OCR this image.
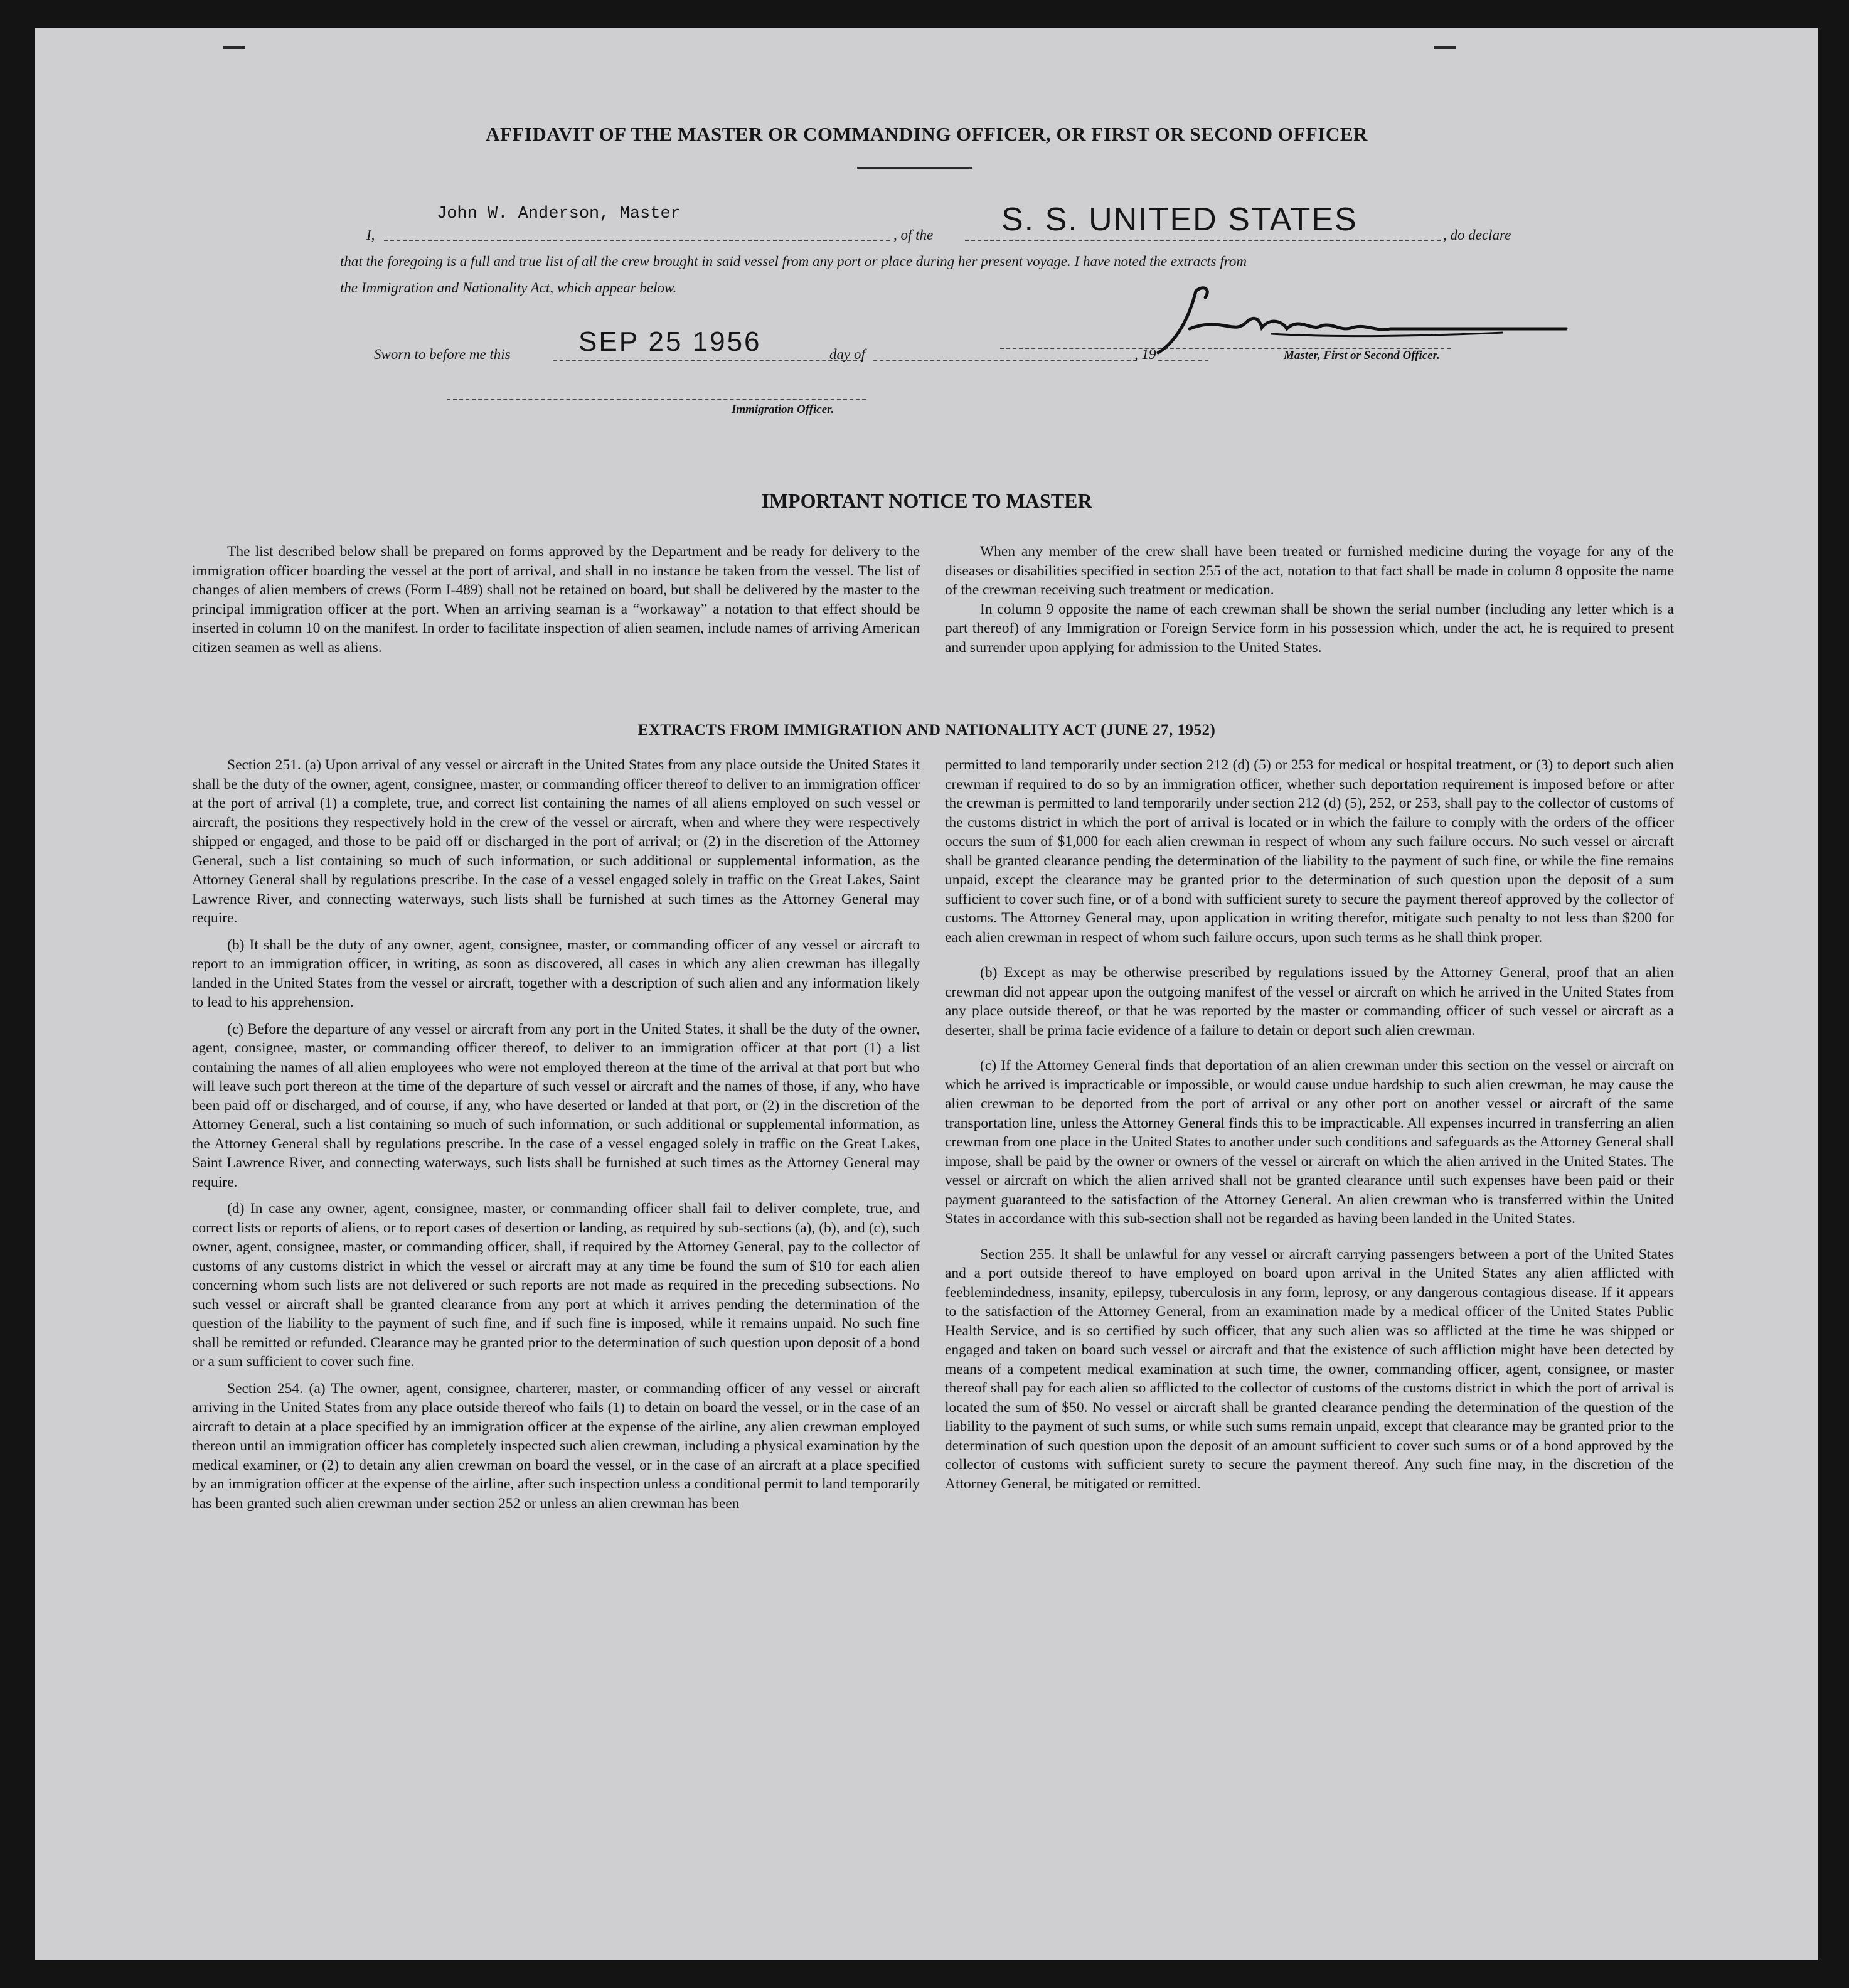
AFFIDAVIT OF THE MASTER OR COMMANDING OFFICER, OR FIRST OR SECOND OFFICER
John W. Anderson, Master
I,	, of the S. S. UNITED STATES	, do declare
that the foregoing is a full and true list of all the crew brought in said vessel from any port or place during her present voyage. I have noted the extracts from
the Immigration and Nationality Act, which appear below.
Master, First or Second Officer.
Sworn to before me this SEP 25 1956	day of	, 19
Immigration Officer.
IMPORTANT NOTICE TO MASTER

The list described below shall be prepared on forms approved by the Department and be ready for delivery to the immigration officer boarding the vessel at the port of arrival, and shall in no instance be taken from the vessel. The list of changes of alien members of crews (Form I-489) shall not be retained on board, but shall be delivered by the master to the principal immigration officer at the port. When an arriving seaman is a “workaway” a notation to that effect should be inserted in column 10 on the manifest. In order to facilitate inspection of alien seamen, include names of arriving American citizen seamen as well as aliens.

When any member of the crew shall have been treated or furnished medicine during the voyage for any of the diseases or disabilities specified in section 255 of the act, notation to that fact shall be made in column 8 opposite the name of the crewman receiving such treatment or medication.

In column 9 opposite the name of each crewman shall be shown the serial number (including any letter which is a part thereof) of any Immigration or Foreign Service form in his possession which, under the act, he is required to present and surrender upon applying for admission to the United States.

EXTRACTS FROM IMMIGRATION AND NATIONALITY ACT (JUNE 27, 1952)

Section 251. (a) Upon arrival of any vessel or aircraft in the United States from any place outside the United States it shall be the duty of the owner, agent, consignee, master, or commanding officer thereof to deliver to an immigration officer at the port of arrival (1) a complete, true, and correct list containing the names of all aliens employed on such vessel or aircraft, the positions they respectively hold in the crew of the vessel or aircraft, when and where they were respectively shipped or engaged, and those to be paid off or discharged in the port of arrival; or (2) in the discretion of the Attorney General, such a list containing so much of such information, or such additional or supplemental information, as the Attorney General shall by regulations prescribe. In the case of a vessel engaged solely in traffic on the Great Lakes, Saint Lawrence River, and connecting waterways, such lists shall be furnished at such times as the Attorney General may require.

(b) It shall be the duty of any owner, agent, consignee, master, or commanding officer of any vessel or aircraft to report to an immigration officer, in writing, as soon as discovered, all cases in which any alien crewman has illegally landed in the United States from the vessel or aircraft, together with a description of such alien and any information likely to lead to his apprehension.

(c) Before the departure of any vessel or aircraft from any port in the United States, it shall be the duty of the owner, agent, consignee, master, or commanding officer thereof, to deliver to an immigration officer at that port (1) a list containing the names of all alien employees who were not employed thereon at the time of the arrival at that port but who will leave such port thereon at the time of the departure of such vessel or aircraft and the names of those, if any, who have been paid off or discharged, and of course, if any, who have deserted or landed at that port, or (2) in the discretion of the Attorney General, such a list containing so much of such information, or such additional or supplemental information, as the Attorney General shall by regulations prescribe. In the case of a vessel engaged solely in traffic on the Great Lakes, Saint Lawrence River, and connecting waterways, such lists shall be furnished at such times as the Attorney General may require.

(d) In case any owner, agent, consignee, master, or commanding officer shall fail to deliver complete, true, and correct lists or reports of aliens, or to report cases of desertion or landing, as required by sub-sections (a), (b), and (c), such owner, agent, consignee, master, or commanding officer, shall, if required by the Attorney General, pay to the collector of customs of any customs district in which the vessel or aircraft may at any time be found the sum of $10 for each alien concerning whom such lists are not delivered or such reports are not made as required in the preceding subsections. No such vessel or aircraft shall be granted clearance from any port at which it arrives pending the determination of the question of the liability to the payment of such fine, and if such fine is imposed, while it remains unpaid. No such fine shall be remitted or refunded. Clearance may be granted prior to the determination of such question upon deposit of a bond or a sum sufficient to cover such fine.

Section 254. (a) The owner, agent, consignee, charterer, master, or commanding officer of any vessel or aircraft arriving in the United States from any place outside thereof who fails (1) to detain on board the vessel, or in the case of an aircraft to detain at a place specified by an immigration officer at the expense of the airline, any alien crewman employed thereon until an immigration officer has completely inspected such alien crewman, including a physical examination by the medical examiner, or (2) to detain any alien crewman on board the vessel, or in the case of an aircraft at a place specified by an immigration officer at the expense of the airline, after such inspection unless a conditional permit to land temporarily has been granted such alien crewman under section 252 or unless an alien crewman has been

permitted to land temporarily under section 212 (d) (5) or 253 for medical or hospital treatment, or (3) to deport such alien crewman if required to do so by an immigration officer, whether such deportation requirement is imposed before or after the crewman is permitted to land temporarily under section 212 (d) (5), 252, or 253, shall pay to the collector of customs of the customs district in which the port of arrival is located or in which the failure to comply with the orders of the officer occurs the sum of $1,000 for each alien crewman in respect of whom any such failure occurs. No such vessel or aircraft shall be granted clearance pending the determination of the liability to the payment of such fine, or while the fine remains unpaid, except the clearance may be granted prior to the determination of such question upon the deposit of a sum sufficient to cover such fine, or of a bond with sufficient surety to secure the payment thereof approved by the collector of customs. The Attorney General may, upon application in writing therefor, mitigate such penalty to not less than $200 for each alien crewman in respect of whom such failure occurs, upon such terms as he shall think proper.

(b) Except as may be otherwise prescribed by regulations issued by the Attorney General, proof that an alien crewman did not appear upon the outgoing manifest of the vessel or aircraft on which he arrived in the United States from any place outside thereof, or that he was reported by the master or commanding officer of such vessel or aircraft as a deserter, shall be prima facie evidence of a failure to detain or deport such alien crewman.

(c) If the Attorney General finds that deportation of an alien crewman under this section on the vessel or aircraft on which he arrived is impracticable or impossible, or would cause undue hardship to such alien crewman, he may cause the alien crewman to be deported from the port of arrival or any other port on another vessel or aircraft of the same transportation line, unless the Attorney General finds this to be impracticable. All expenses incurred in transferring an alien crewman from one place in the United States to another under such conditions and safeguards as the Attorney General shall impose, shall be paid by the owner or owners of the vessel or aircraft on which the alien arrived in the United States. The vessel or aircraft on which the alien arrived shall not be granted clearance until such expenses have been paid or their payment guaranteed to the satisfaction of the Attorney General. An alien crewman who is transferred within the United States in accordance with this sub-section shall not be regarded as having been landed in the United States.

Section 255. It shall be unlawful for any vessel or aircraft carrying passengers between a port of the United States and a port outside thereof to have employed on board upon arrival in the United States any alien afflicted with feeblemindedness, insanity, epilepsy, tuberculosis in any form, leprosy, or any dangerous contagious disease. If it appears to the satisfaction of the Attorney General, from an examination made by a medical officer of the United States Public Health Service, and is so certified by such officer, that any such alien was so afflicted at the time he was shipped or engaged and taken on board such vessel or aircraft and that the existence of such affliction might have been detected by means of a competent medical examination at such time, the owner, commanding officer, agent, consignee, or master thereof shall pay for each alien so afflicted to the collector of customs of the customs district in which the port of arrival is located the sum of $50. No vessel or aircraft shall be granted clearance pending the determination of the question of the liability to the payment of such sums, or while such sums remain unpaid, except that clearance may be granted prior to the determination of such question upon the deposit of an amount sufficient to cover such sums or of a bond approved by the collector of customs with sufficient surety to secure the payment thereof. Any such fine may, in the discretion of the Attorney General, be mitigated or remitted.
